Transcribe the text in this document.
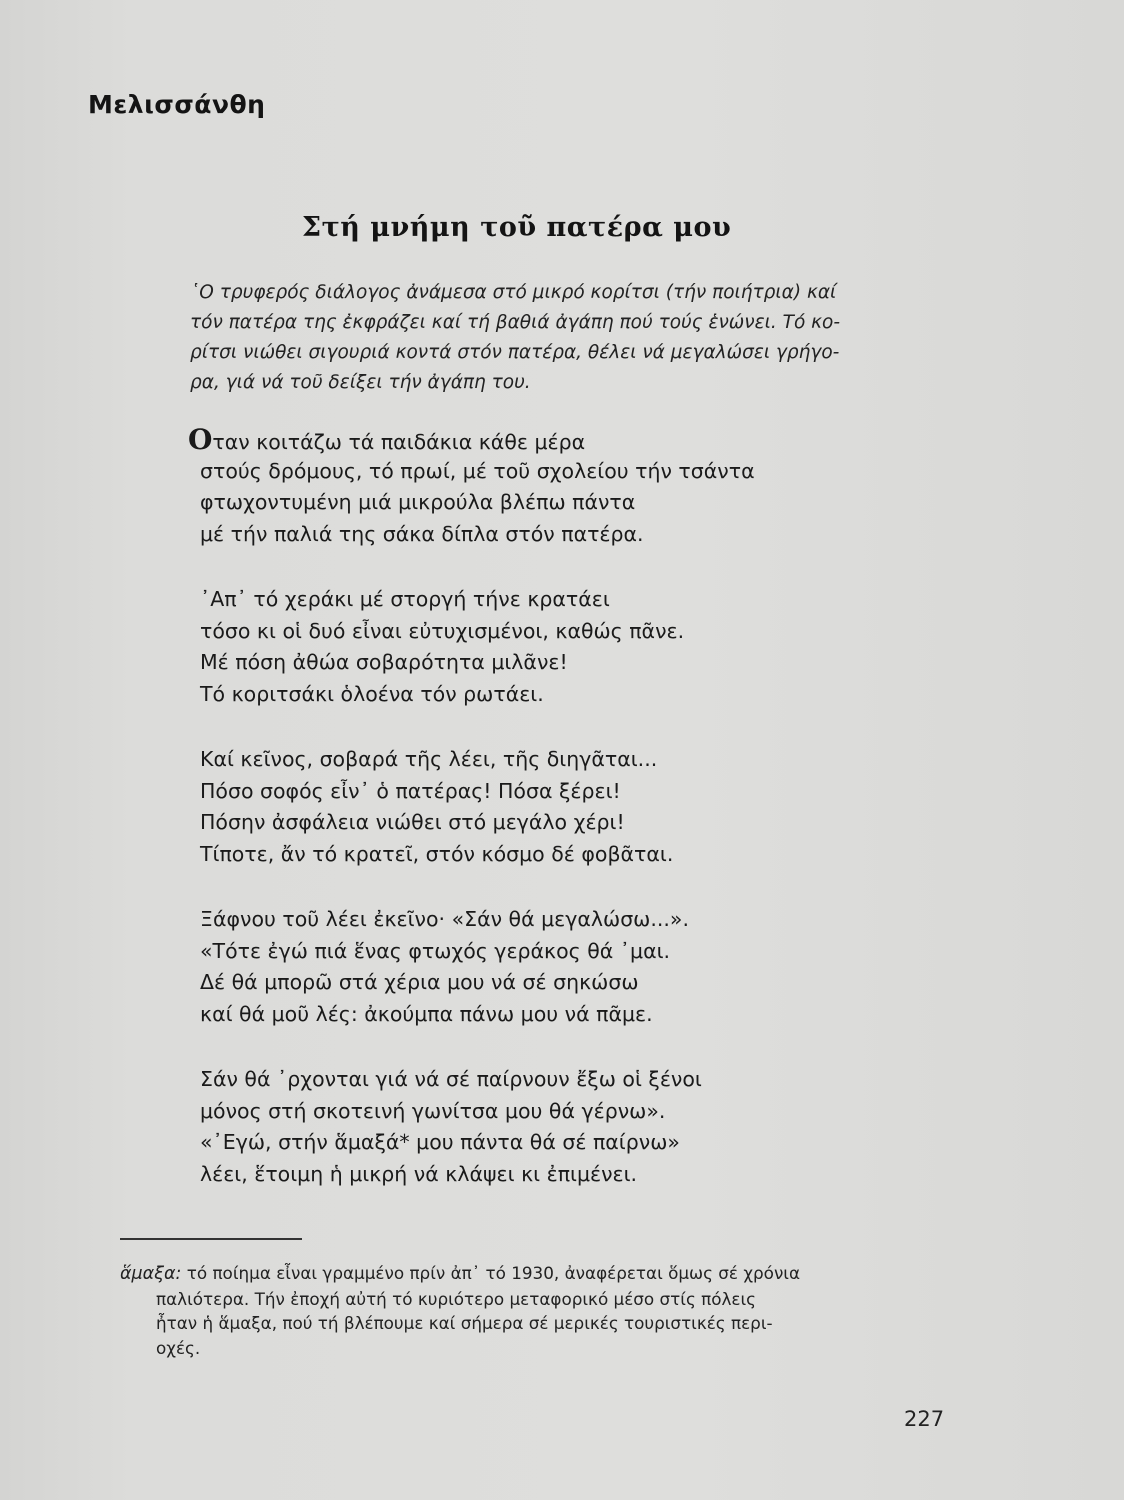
Μελισσάνθη
Στή μνήμη τοῦ πατέρα μου
῾Ο τρυφερός διάλογος ἀνάμεσα στό μικρό κορίτσι (τήν ποιήτρια) καί
τόν πατέρα της ἐκφράζει καί τή βαθιά ἀγάπη πού τούς ἑνώνει. Τό κο-
ρίτσι νιώθει σιγουριά κοντά στόν πατέρα, θέλει νά μεγαλώσει γρήγο-
ρα, γιά νά τοῦ δείξει τήν ἀγάπη του.
Οταν κοιτάζω τά παιδάκια κάθε μέρα
στούς δρόμους, τό πρωί, μέ τοῦ σχολείου τήν τσάντα
φτωχοντυμένη μιά μικρούλα βλέπω πάντα
μέ τήν παλιά της σάκα δίπλα στόν πατέρα.
᾿Απ᾿ τό χεράκι μέ στοργή τήνε κρατάει
τόσο κι οἱ δυό εἶναι εὐτυχισμένοι, καθώς πᾶνε.
Μέ πόση ἀθώα σοβαρότητα μιλᾶνε!
Τό κοριτσάκι ὁλοένα τόν ρωτάει.
Καί κεῖνος, σοβαρά τῆς λέει, τῆς διηγᾶται...
Πόσο σοφός εἶν᾿ ὁ πατέρας! Πόσα ξέρει!
Πόσην ἀσφάλεια νιώθει στό μεγάλο χέρι!
Τίποτε, ἄν τό κρατεῖ, στόν κόσμο δέ φοβᾶται.
Ξάφνου τοῦ λέει ἐκεῖνο· «Σάν θά μεγαλώσω...».
«Τότε ἐγώ πιά ἕνας φτωχός γεράκος θά ᾿μαι.
Δέ θά μπορῶ στά χέρια μου νά σέ σηκώσω
καί θά μοῦ λές: ἀκούμπα πάνω μου νά πᾶμε.
Σάν θά ᾿ρχονται γιά νά σέ παίρνουν ἔξω οἱ ξένοι
μόνος στή σκοτεινή γωνίτσα μου θά γέρνω».
«᾿Εγώ, στήν ἅμαξά* μου πάντα θά σέ παίρνω»
λέει, ἕτοιμη ἡ μικρή νά κλάψει κι ἐπιμένει.
ἅμαξα: τό ποίημα εἶναι γραμμένο πρίν ἀπ᾿ τό 1930, ἀναφέρεται ὅμως σέ χρόνια
παλιότερα. Τήν ἐποχή αὐτή τό κυριότερο μεταφορικό μέσο στίς πόλεις
ἦταν ἡ ἅμαξα, πού τή βλέπουμε καί σήμερα σέ μερικές τουριστικές περι-
οχές.
227
